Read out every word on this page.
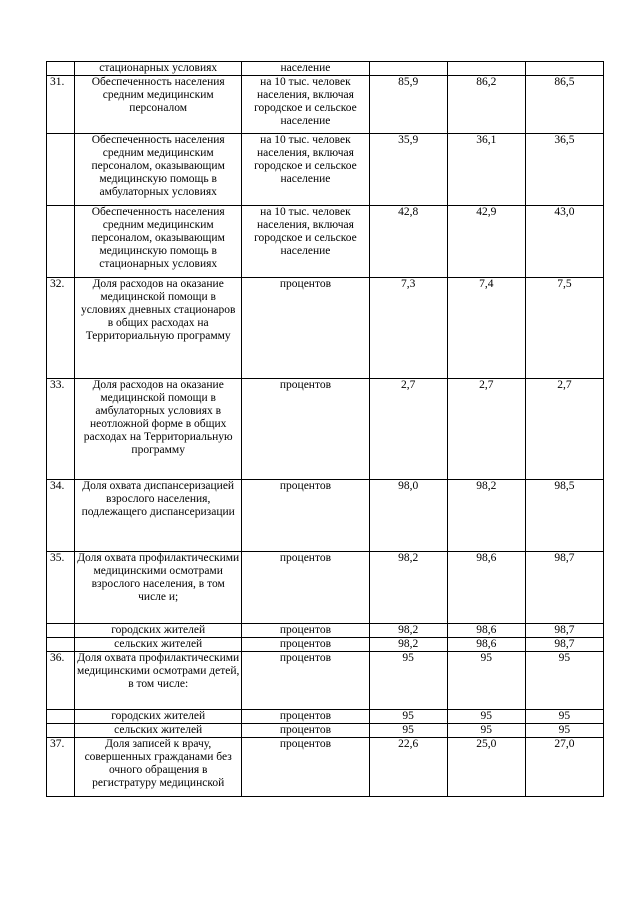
	стационарных условиях	население			
31.	Обеспеченность населения средним медицинским персоналом	на 10 тыс. человек населения, включая городское и сельское население	85,9	86,2	86,5
	Обеспеченность населения средним медицинским персоналом, оказывающим медицинскую помощь в амбулаторных условиях	на 10 тыс. человек населения, включая городское и сельское население	35,9	36,1	36,5
	Обеспеченность населения средним медицинским персоналом, оказывающим медицинскую помощь в стационарных условиях	на 10 тыс. человек населения, включая городское и сельское население	42,8	42,9	43,0
32.	Доля расходов на оказание медицинской помощи в условиях дневных стационаров в общих расходах на Территориальную программу	процентов	7,3	7,4	7,5
33.	Доля расходов на оказание медицинской помощи в амбулаторных условиях в неотложной форме в общих расходах на Территориальную программу	процентов	2,7	2,7	2,7
34.	Доля охвата диспансеризацией взрослого населения, подлежащего диспансеризации	процентов	98,0	98,2	98,5
35.	Доля охвата профилактическими медицинскими осмотрами взрослого населения, в том числе и;	процентов	98,2	98,6	98,7
	городских жителей	процентов	98,2	98,6	98,7
	сельских жителей	процентов	98,2	98,6	98,7
36.	Доля охвата профилактическими медицинскими осмотрами детей, в том числе:	процентов	95	95	95
	городских жителей	процентов	95	95	95
	сельских жителей	процентов	95	95	95
37.	Доля записей к врачу, совершенных гражданами без очного обращения в регистратуру медицинской	процентов	22,6	25,0	27,0
